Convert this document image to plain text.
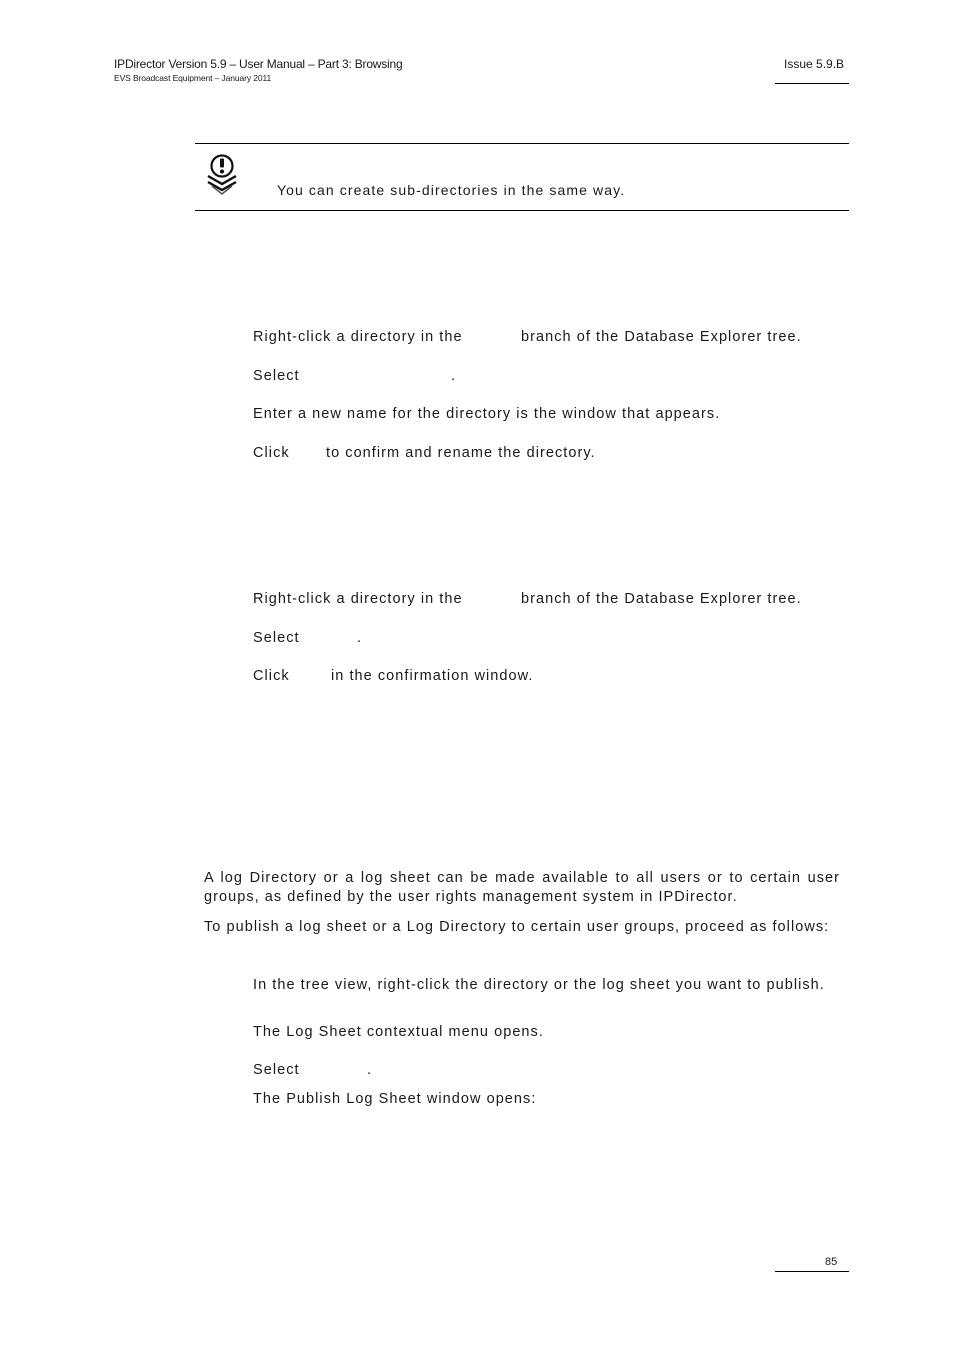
IPDirector Version 5.9 – User Manual – Part 3: Browsing
EVS Broadcast Equipment – January 2011
Issue 5.9.B
You can create sub-directories in the same way.
Right-click a directory in the	branch of the Database Explorer tree.
Select	.
Enter a new name for the directory is the window that appears.
Click	to confirm and rename the directory.
Right-click a directory in the	branch of the Database Explorer tree.
Select	.
Click	in the confirmation window.
A log Directory or a log sheet can be made available to all users or to certain user groups, as defined by the user rights management system in IPDirector.
To publish a log sheet or a Log Directory to certain user groups, proceed as follows:
In the tree view, right-click the directory or the log sheet you want to publish.
The Log Sheet contextual menu opens.
Select	.
The Publish Log Sheet window opens:
85
